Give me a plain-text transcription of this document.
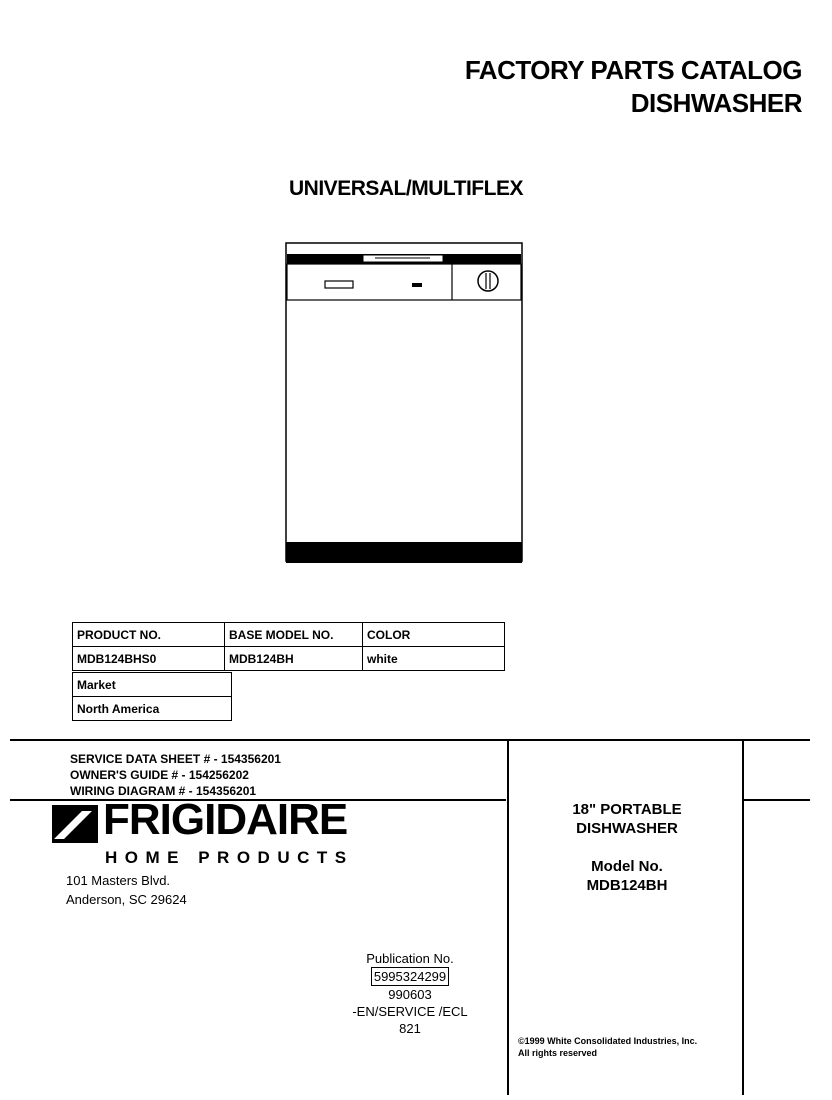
FACTORY PARTS CATALOG
DISHWASHER
UNIVERSAL/MULTIFLEX
PRODUCT NO.	BASE MODEL NO.	COLOR
MDB124BHS0	MDB124BH	white
Market
North America
SERVICE DATA SHEET # - 154356201
OWNER'S GUIDE # - 154256202
WIRING DIAGRAM # - 154356201
FRIGIDAIRE
HOME PRODUCTS
101 Masters Blvd.
Anderson, SC 29624
Publication No.
5995324299
990603
-EN/SERVICE /ECL
821
18" PORTABLE
DISHWASHER
Model No.
MDB124BH
©1999 White Consolidated Industries, Inc.
All rights reserved
